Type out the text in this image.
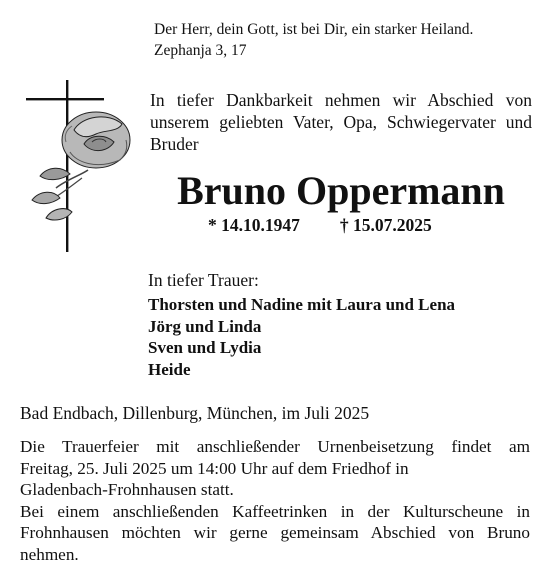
Der Herr, dein Gott, ist bei Dir, ein starker Heiland.
Zephanja 3, 17
In tiefer Dankbarkeit nehmen wir Abschied von
unserem geliebten Vater, Opa, Schwiegervater und
Bruder
Bruno Oppermann
* 14.10.1947 † 15.07.2025
In tiefer Trauer:
Thorsten und Nadine mit Laura und Lena
Jörg und Linda
Sven und Lydia
Heide
Bad Endbach, Dillenburg, München, im Juli 2025
Die Trauerfeier mit anschließender Urnenbeisetzung findet am
Freitag, 25. Juli 2025 um 14:00 Uhr auf dem Friedhof in
Gladenbach-Frohnhausen statt.
Bei einem anschließenden Kaffeetrinken in der Kulturscheune in
Frohnhausen möchten wir gerne gemeinsam Abschied von Bruno
nehmen.
